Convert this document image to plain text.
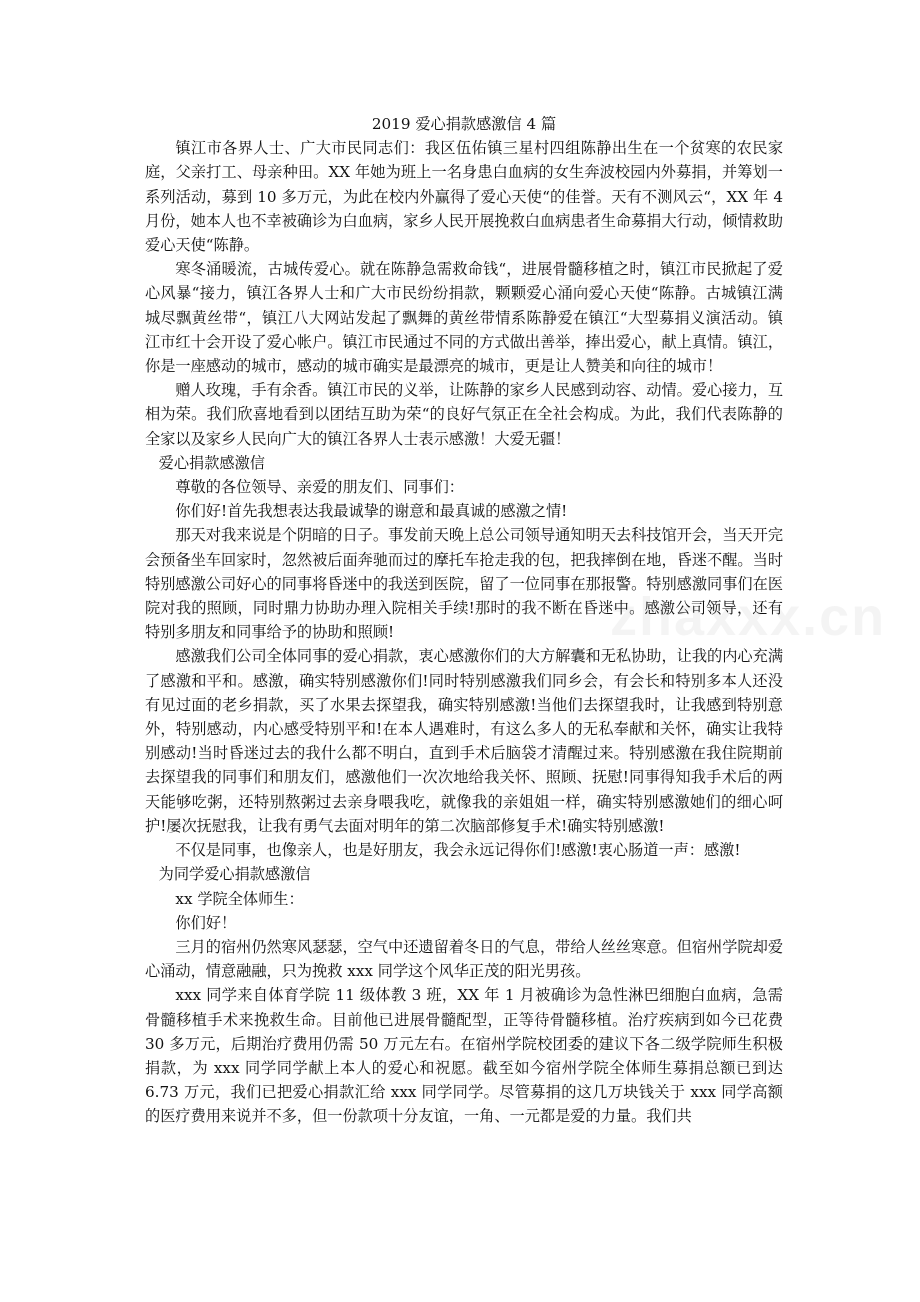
2019 爱心捐款感激信 4 篇

镇江市各界人士、广大市民同志们：我区伍佑镇三星村四组陈静出生在一个贫寒的农民家庭，父亲打工、母亲种田。XX 年她为班上一名身患白血病的女生奔波校园内外募捐，并筹划一系列活动，募到 10 多万元，为此在校内外赢得了爱心天使“的佳誉。天有不测风云“，XX 年 4 月份，她本人也不幸被确诊为白血病，家乡人民开展挽救白血病患者生命募捐大行动，倾情救助爱心天使“陈静。

寒冬涌暖流，古城传爱心。就在陈静急需救命钱“，进展骨髓移植之时，镇江市民掀起了爱心风暴“接力，镇江各界人士和广大市民纷纷捐款，颗颗爱心涌向爱心天使“陈静。古城镇江满城尽飘黄丝带“，镇江八大网站发起了飘舞的黄丝带情系陈静爱在镇江“大型募捐义演活动。镇江市红十会开设了爱心帐户。镇江市民通过不同的方式做出善举，捧出爱心，献上真情。镇江，你是一座感动的城市，感动的城市确实是最漂亮的城市，更是让人赞美和向往的城市！

赠人玫瑰，手有余香。镇江市民的义举，让陈静的家乡人民感到动容、动情。爱心接力，互相为荣。我们欣喜地看到以团结互助为荣“的良好气氛正在全社会构成。为此，我们代表陈静的全家以及家乡人民向广大的镇江各界人士表示感激！大爱无疆！

爱心捐款感激信

尊敬的各位领导、亲爱的朋友们、同事们：

你们好!首先我想表达我最诚挚的谢意和最真诚的感激之情!

那天对我来说是个阴暗的日子。事发前天晚上总公司领导通知明天去科技馆开会，当天开完会预备坐车回家时，忽然被后面奔驰而过的摩托车抢走我的包，把我摔倒在地，昏迷不醒。当时特别感激公司好心的同事将昏迷中的我送到医院，留了一位同事在那报警。特别感激同事们在医院对我的照顾，同时鼎力协助办理入院相关手续!那时的我不断在昏迷中。感激公司领导，还有特别多朋友和同事给予的协助和照顾!

感激我们公司全体同事的爱心捐款，衷心感激你们的大方解囊和无私协助，让我的内心充满了感激和平和。感激，确实特别感激你们!同时特别感激我们同乡会，有会长和特别多本人还没有见过面的老乡捐款，买了水果去探望我，确实特别感激!当他们去探望我时，让我感到特别意外，特别感动，内心感受特别平和!在本人遇难时，有这么多人的无私奉献和关怀，确实让我特别感动!当时昏迷过去的我什么都不明白，直到手术后脑袋才清醒过来。特别感激在我住院期前去探望我的同事们和朋友们，感激他们一次次地给我关怀、照顾、抚慰!同事得知我手术后的两天能够吃粥，还特别熬粥过去亲身喂我吃，就像我的亲姐姐一样，确实特别感激她们的细心呵护!屡次抚慰我，让我有勇气去面对明年的第二次脑部修复手术!确实特别感激!

不仅是同事，也像亲人，也是好朋友，我会永远记得你们!感激!衷心肠道一声：感激!

为同学爱心捐款感激信

xx 学院全体师生：

你们好！

三月的宿州仍然寒风瑟瑟，空气中还遗留着冬日的气息，带给人丝丝寒意。但宿州学院却爱心涌动，情意融融，只为挽救 xxx 同学这个风华正茂的阳光男孩。

xxx 同学来自体育学院 11 级体教 3 班，XX 年 1 月被确诊为急性淋巴细胞白血病，急需骨髓移植手术来挽救生命。目前他已进展骨髓配型，正等待骨髓移植。治疗疾病到如今已花费 30 多万元，后期治疗费用仍需 50 万元左右。在宿州学院校团委的建议下各二级学院师生积极捐款，为 xxx 同学同学献上本人的爱心和祝愿。截至如今宿州学院全体师生募捐总额已到达 6.73 万元，我们已把爱心捐款汇给 xxx 同学同学。尽管募捐的这几万块钱关于 xxx 同学高额的医疗费用来说并不多，但一份款项十分友谊，一角、一元都是爱的力量。我们共
